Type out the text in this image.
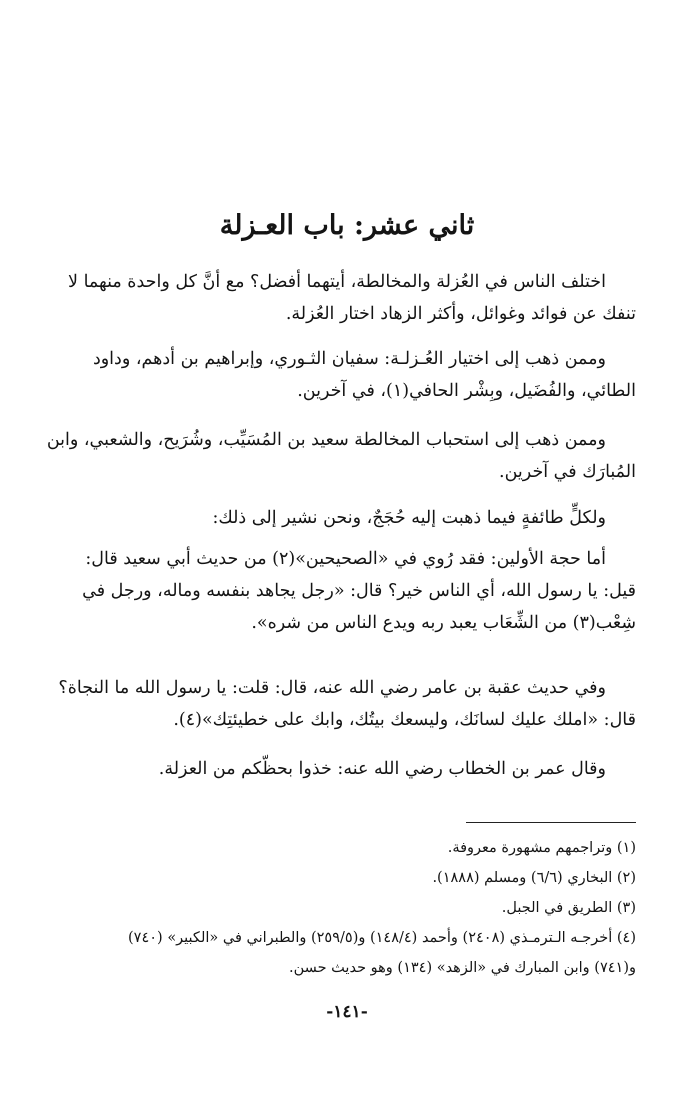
ثاني عشر: باب العـزلة

اختلف الناس في العُزلة والمخالطة، أيتهما أفضل؟ مع أنَّ كل واحدة منهما لا
تنفك عن فوائد وغوائل، وأكثر الزهاد اختار العُزلة.

وممن ذهب إلى اختيار العُـزلـة: سفيان الثـوري، وإبراهيم بن أدهم، وداود
الطائي، والفُضَيل، وبِشْر الحافي(١)، في آخرين.

وممن ذهب إلى استحباب المخالطة سعيد بن المُسَيِّب، وشُرَيح، والشعبي، وابن
المُبارَك في آخرين.

ولكلٍّ طائفةٍ فيما ذهبت إليه حُجَجٌ، ونحن نشير إلى ذلك:

أما حجة الأولين: فقد رُوي في «الصحيحين»(٢) من حديث أبي سعيد قال:
قيل: يا رسول الله، أي الناس خير؟ قال: «رجل يجاهد بنفسه وماله، ورجل في
شِعْب(٣) من الشِّعَاب يعبد ربه ويدع الناس من شره».

وفي حديث عقبة بن عامر رضي الله عنه، قال: قلت: يا رسول الله ما النجاة؟
قال: «املك عليك لسانَك، وليسعك بيتُك، وابك على خطيئتِك»(٤).

وقال عمر بن الخطاب رضي الله عنه: خذوا بحظّكم من العزلة.

(١) وتراجمهم مشهورة معروفة.

(٢) البخاري (٦/٦) ومسلم (١٨٨٨).

(٣) الطريق في الجبل.

(٤) أخرجـه الـترمـذي (٢٤٠٨) وأحمد (١٤٨/٤) و(٢٥٩/٥) والطبراني في «الكبير» (٧٤٠)
و(٧٤١) وابن المبارك في «الزهد» (١٣٤) وهو حديث حسن.

-١٤١-
